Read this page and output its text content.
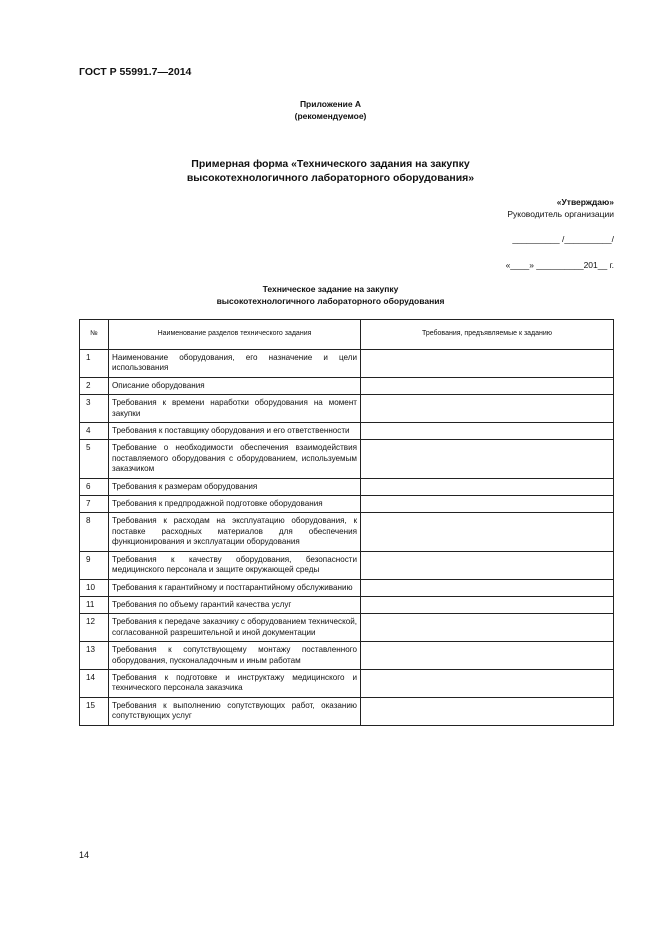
ГОСТ Р 55991.7—2014
Приложение А
(рекомендуемое)
Примерная форма «Технического задания на закупку
высокотехнологичного лабораторного оборудования»
«Утверждаю»
Руководитель организации
__________ /__________/
«____» __________201__ г.
Техническое задание на закупку
высокотехнологичного лабораторного оборудования
№	Наименование разделов технического задания	Требования, предъявляемые к заданию
1	Наименование оборудования, его назначение и цели использования	
2	Описание оборудования	
3	Требования к времени наработки оборудования на момент закупки	
4	Требования к поставщику оборудования и его ответственности	
5	Требование о необходимости обеспечения взаимодействия поставляемого оборудования с оборудованием, используемым заказчиком	
6	Требования к размерам оборудования	
7	Требования к предпродажной подготовке оборудования	
8	Требования к расходам на эксплуатацию оборудования, к поставке расходных материалов для обеспечения функционирования и эксплуатации оборудования	
9	Требования к качеству оборудования, безопасности медицинского персонала и защите окружающей среды	
10	Требования к гарантийному и постгарантийному обслуживанию	
11	Требования по объему гарантий качества услуг	
12	Требования к передаче заказчику с оборудованием технической, согласованной разрешительной и иной документации	
13	Требования к сопутствующему монтажу поставленного оборудования, пусконаладочным и иным работам	
14	Требования к подготовке и инструктажу медицинского и технического персонала заказчика	
15	Требования к выполнению сопутствующих работ, оказанию сопутствующих услуг	
14
